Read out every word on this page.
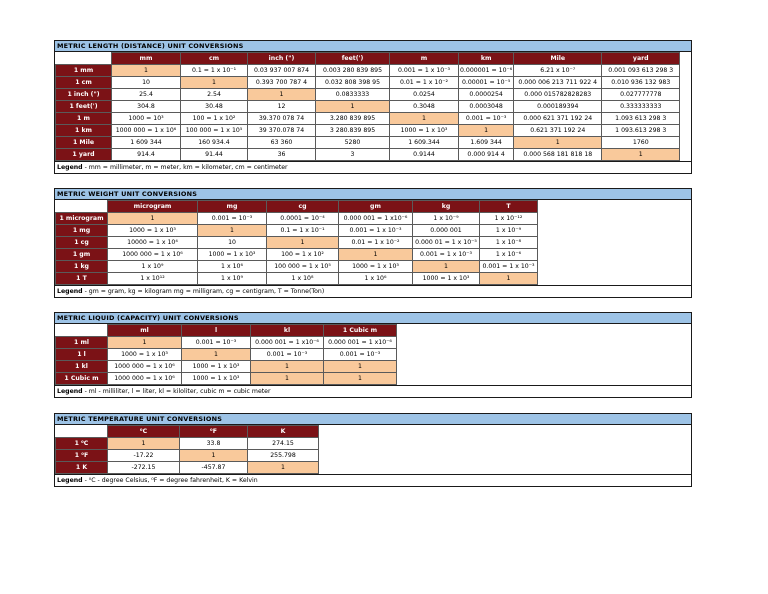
METRIC LENGTH (DISTANCE) UNIT CONVERSIONS
	mm	cm	inch (")	feet(')	m	km	Mile	yard
1 mm	1	0.1 = 1 x 10⁻¹	0.03 937 007 874	0.003 280 839 895	0.001 = 1 x 10⁻³	0.000001 = 10⁻⁶	6.21 x 10⁻⁷	0.001 093 613 298 3
1 cm	10	1	0.393 700 787 4	0.032 808 398 95	0.01 = 1 x 10⁻²	0.00001 = 10⁻⁵	0.000 006 213 711 922 4	0.010 936 132 983
1 inch (")	25.4	2.54	1	0.0833333	0.0254	0.0000254	0.000 015782828283	0.027777778
1 feet(')	304.8	30.48	12	1	0.3048	0.0003048	0.000189394	0.333333333
1 m	1000 = 10³	100 = 1 x 10²	39.370 078 74	3.280 839 895	1	0.001 = 10⁻³	0.000 621 371 192 24	1.093 613 298 3
1 km	1000 000 = 1 x 10⁶	100 000 = 1 x 10⁵	39 370.078 74	3 280.839 895	1000 = 1 x 10³	1	0.621 371 192 24	1 093.613 298 3
1 Mile	1 609 344	160 934.4	63 360	5280	1 609.344	1.609 344	1	1760
1 yard	914.4	91.44	36	3	0.9144	0.000 914 4	0.000 568 181 818 18	1
Legend - mm = millimeter, m = meter, km = kilometer, cm = centimeter
METRIC WEIGHT UNIT CONVERSIONS
	microgram	mg	cg	gm	kg	T
1 microgram	1	0.001 = 10⁻³	0.0001 = 10⁻⁴	0.000 001 = 1 x10⁻⁶	1 x 10⁻⁹	1 x 10⁻¹²
1 mg	1000 = 1 x 10³	1	0.1 = 1 x 10⁻¹	0.001 = 1 x 10⁻³	0.000 001	1 x 10⁻⁹
1 cg	10000 = 1 x 10⁴	10	1	0.01 = 1 x 10⁻²	0.000 01 = 1 x 10⁻⁵	1 x 10⁻⁸
1 gm	1000 000 = 1 x 10⁶	1000 = 1 x 10³	100 = 1 x 10²	1	0.001 = 1 x 10⁻³	1 x 10⁻⁶
1 kg	1 x 10⁹	1 x 10⁶	100 000 = 1 x 10⁵	1000 = 1 x 10³	1	0.001 = 1 x 10⁻³
1 T	1 x 10¹²	1 x 10⁹	1 x 10⁸	1 x 10⁶	1000 = 1 x 10³	1
Legend - gm = gram, kg = kilogram mg = milligram, cg = centigram, T = Tonne(Ton)
METRIC LIQUID (CAPACITY) UNIT CONVERSIONS
	ml	l	kl	1 Cubic m
1 ml	1	0.001 = 10⁻³	0.000 001 = 1 x10⁻⁶	0.000 001 = 1 x10⁻⁶
1 l	1000 = 1 x 10³	1	0.001 = 10⁻³	0.001 = 10⁻³
1 kl	1000 000 = 1 x 10⁶	1000 = 1 x 10³	1	1
1 Cubic m	1000 000 = 1 x 10⁶	1000 = 1 x 10³	1	1
Legend - ml - milliliter, l = liter, kl = kiloliter, cubic m = cubic meter
METRIC TEMPERATURE UNIT CONVERSIONS
	⁰C	⁰F	K
1 ⁰C	1	33.8	274.15
1 ⁰F	-17.22	1	255.798
1 K	-272.15	-457.87	1
Legend - ⁰C - degree Celsius, ⁰F = degree fahrenheit, K = Kelvin
